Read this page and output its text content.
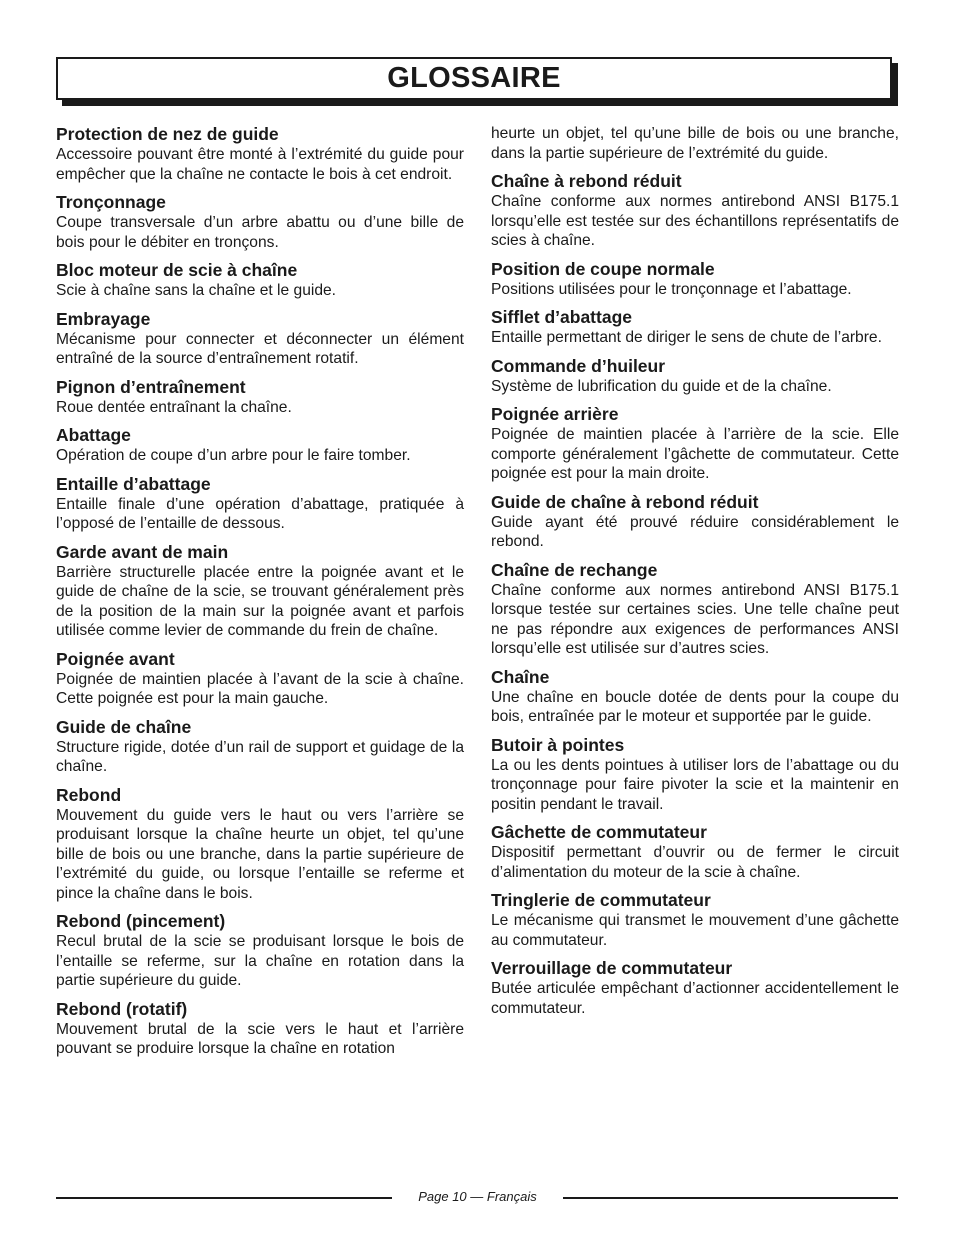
GLOSSAIRE
Protection de nez de guide
Accessoire pouvant être monté à l’extrémité du guide pour empêcher que la chaîne ne contacte le bois à cet endroit.
Tronçonnage
Coupe transversale d’un arbre abattu ou d’une bille de bois pour le débiter en tronçons.
Bloc moteur de scie à chaîne
Scie à chaîne sans la chaîne et le guide.
Embrayage
Mécanisme pour connecter et déconnecter un élément entraîné de la source d’entraînement rotatif.
Pignon d’entraînement
Roue dentée entraînant la chaîne.
Abattage
Opération de coupe d’un arbre pour le faire tomber.
Entaille d’abattage
Entaille finale d’une opération d’abattage, pratiquée à l’opposé de l’entaille de dessous.
Garde avant de main
Barrière structurelle placée entre la poignée avant et le guide de chaîne de la scie, se trouvant généralement près de la position de la main sur la poignée avant et parfois utilisée comme levier de commande du frein de chaîne.
Poignée avant
Poignée de maintien placée à l’avant de la scie à chaîne. Cette poignée est pour la main gauche.
Guide de chaîne
Structure rigide, dotée d’un rail de support et guidage de la chaîne.
Rebond
Mouvement du guide vers le haut ou vers l’arrière se produisant lorsque la chaîne heurte un objet, tel qu’une bille de bois ou une branche, dans la partie supérieure de l’extrémité du guide, ou lorsque l’entaille se referme et pince la chaîne dans le bois.
Rebond (pincement)
Recul brutal de la scie se produisant lorsque le bois de l’entaille se referme, sur la chaîne en rotation dans la partie supérieure du guide.
Rebond (rotatif)
Mouvement brutal de la scie vers le haut et l’arrière pouvant se produire lorsque la chaîne en rotation
heurte un objet, tel qu’une bille de bois ou une branche, dans la partie supérieure de l’extrémité du guide.
Chaîne à rebond réduit
Chaîne conforme aux normes antirebond ANSI B175.1 lorsqu’elle est testée sur des échantillons représentatifs de scies à chaîne.
Position de coupe normale
Positions utilisées pour le tronçonnage et l’abattage.
Sifflet d’abattage
Entaille permettant de diriger le sens de chute de l’arbre.
Commande d’huileur
Système de lubrification du guide et de la chaîne.
Poignée arrière
Poignée de maintien placée à l’arrière de la scie. Elle comporte généralement l’gâchette de commutateur. Cette poignée est pour la main droite.
Guide de chaîne à rebond réduit
Guide ayant été prouvé réduire considérablement le rebond.
Chaîne de rechange
Chaîne conforme aux normes antirebond ANSI B175.1 lorsque testée sur certaines scies. Une telle chaîne peut ne pas répondre aux exigences de performances ANSI lorsqu’elle est utilisée sur d’autres scies.
Chaîne
Une chaîne en boucle dotée de dents pour la coupe du bois, entraînée par le moteur et supportée par le guide.
Butoir à pointes
La ou les dents pointues à utiliser lors de l’abattage ou du tronçonnage pour faire pivoter la scie et la maintenir en positin pendant le travail.
Gâchette de commutateur
Dispositif permettant d’ouvrir ou de fermer le circuit d’alimentation du moteur de la scie à chaîne.
Tringlerie de commutateur
Le mécanisme qui transmet le mouvement d’une gâchette au commutateur.
Verrouillage de commutateur
Butée articulée empêchant d’actionner accidentellement le commutateur.
Page 10 — Français
